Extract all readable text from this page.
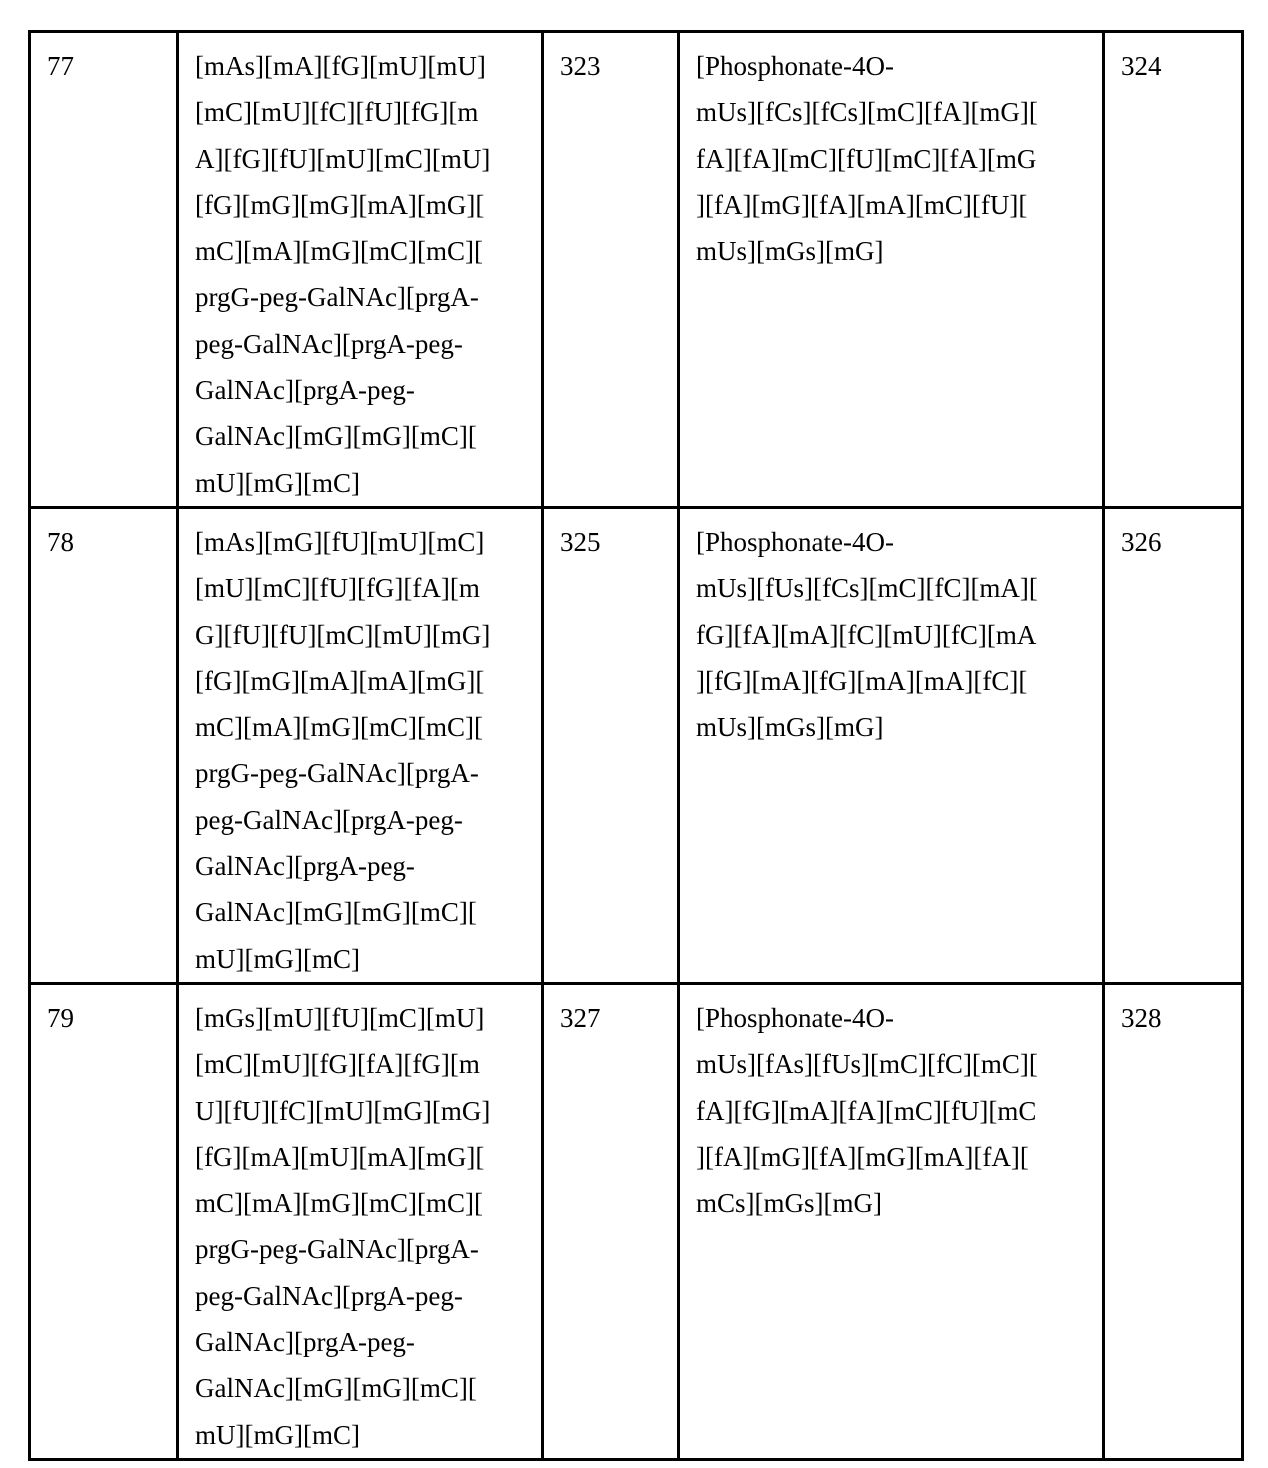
77	[mAs][mA][fG][mU][mU]
[mC][mU][fC][fU][fG][m
A][fG][fU][mU][mC][mU]
[fG][mG][mG][mA][mG][
mC][mA][mG][mC][mC][
prgG-peg-GalNAc][prgA-
peg-GalNAc][prgA-peg-
GalNAc][prgA-peg-
GalNAc][mG][mG][mC][
mU][mG][mC]	323	[Phosphonate-4O-
mUs][fCs][fCs][mC][fA][mG][
fA][fA][mC][fU][mC][fA][mG
][fA][mG][fA][mA][mC][fU][
mUs][mGs][mG]	324
78	[mAs][mG][fU][mU][mC]
[mU][mC][fU][fG][fA][m
G][fU][fU][mC][mU][mG]
[fG][mG][mA][mA][mG][
mC][mA][mG][mC][mC][
prgG-peg-GalNAc][prgA-
peg-GalNAc][prgA-peg-
GalNAc][prgA-peg-
GalNAc][mG][mG][mC][
mU][mG][mC]	325	[Phosphonate-4O-
mUs][fUs][fCs][mC][fC][mA][
fG][fA][mA][fC][mU][fC][mA
][fG][mA][fG][mA][mA][fC][
mUs][mGs][mG]	326
79	[mGs][mU][fU][mC][mU]
[mC][mU][fG][fA][fG][m
U][fU][fC][mU][mG][mG]
[fG][mA][mU][mA][mG][
mC][mA][mG][mC][mC][
prgG-peg-GalNAc][prgA-
peg-GalNAc][prgA-peg-
GalNAc][prgA-peg-
GalNAc][mG][mG][mC][
mU][mG][mC]	327	[Phosphonate-4O-
mUs][fAs][fUs][mC][fC][mC][
fA][fG][mA][fA][mC][fU][mC
][fA][mG][fA][mG][mA][fA][
mCs][mGs][mG]	328
